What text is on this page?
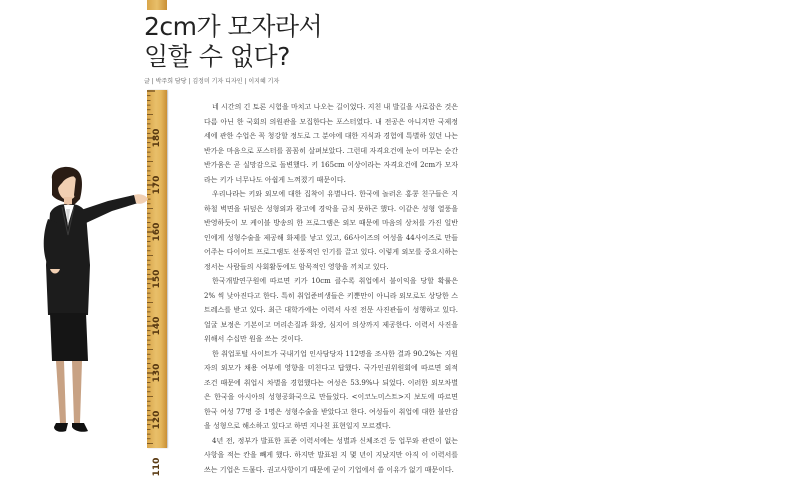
2cm가 모자라서
일할 수 없다?
글 | 박주희 담당 | 김정미 기자 디자인 | 이지혜 기자
180
170
160
150
140
130
120
110

네 시간의 긴 토론 시험을 마치고 나오는 길이었다. 지친 내 발길을 사로잡은 것은 다름 아닌 한 국회의 의원관을 모집한다는 포스터였다. 내 전공은 아니지만 국제정세에 관한 수업은 꼭 청강할 정도로 그 분야에 대한 지식과 경험에 특별하 있던 나는 반가운 마음으로 포스터를 꼼꼼히 살펴보았다. 그런데 자격요건에 눈이 머무는 순간 반가움은 곧 실망감으로 돌변했다. 키 165cm 이상이라는 자격요건에 2cm가 모자라는 키가 너무나도 아쉽게 느껴졌기 때문이다.

우리나라는 키와 외모에 대한 집착이 유별나다. 한국에 놀러온 홍콩 친구들은 지하철 벽면을 뒤덮은 성형외과 광고에 경악을 금치 못하곤 했다. 이같은 성형 열풍을 반영하듯이 모 케이블 방송의 한 프로그램은 외모 때문에 마음의 상처를 가진 일반인에게 성형수술을 제공해 화제를 낳고 있고, 66사이즈의 여성을 44사이즈로 만들어주는 다이어트 프로그램도 선풍적인 인기를 끌고 있다. 이렇게 외모를 중요시하는 정서는 사람들의 사회활동에도 암묵적인 영향을 끼치고 있다.

한국개발연구원에 따르면 키가 10cm 클수록 취업에서 불이익을 당할 확률은 2% 씩 낮아진다고 한다. 특히 취업준비생들은 키뿐만이 아니라 외모로도 상당한 스트레스를 받고 있다. 최근 대학가에는 이력서 사진 전문 사진관들이 성행하고 있다. 얼굴 보정은 기본이고 머리손질과 화장, 심지어 의상까지 제공한다. 이력서 사진을 위해서 수십만 원을 쓰는 것이다.

한 취업포털 사이트가 국내기업 인사담당자 112명을 조사한 결과 90.2%는 지원자의 외모가 채용 여부에 영향을 미친다고 답했다. 국가인권위원회에 따르면 외적 조건 때문에 취업시 차별을 경험했다는 여성은 53.9%나 되었다. 이러한 외모차별은 한국을 아시아의 성형공화국으로 만들었다. <이코노미스트>지 보도에 따르면 한국 여성 77명 중 1명은 성형수술을 받았다고 한다. 여성들이 취업에 대한 불안감을 성형으로 해소하고 있다고 하면 지나친 표현일지 모르겠다.

4년 전, 정부가 발표한 표준 이력서에는 성별과 신체조건 등 업무와 관련이 없는 사항을 적는 칸을 빼게 했다. 하지만 발표된 지 몇 년이 지났지만 아직 이 이력서를 쓰는 기업은 드물다. 권고사항이기 때문에 굳이 기업에서 쓸 이유가 없기 때문이다.
